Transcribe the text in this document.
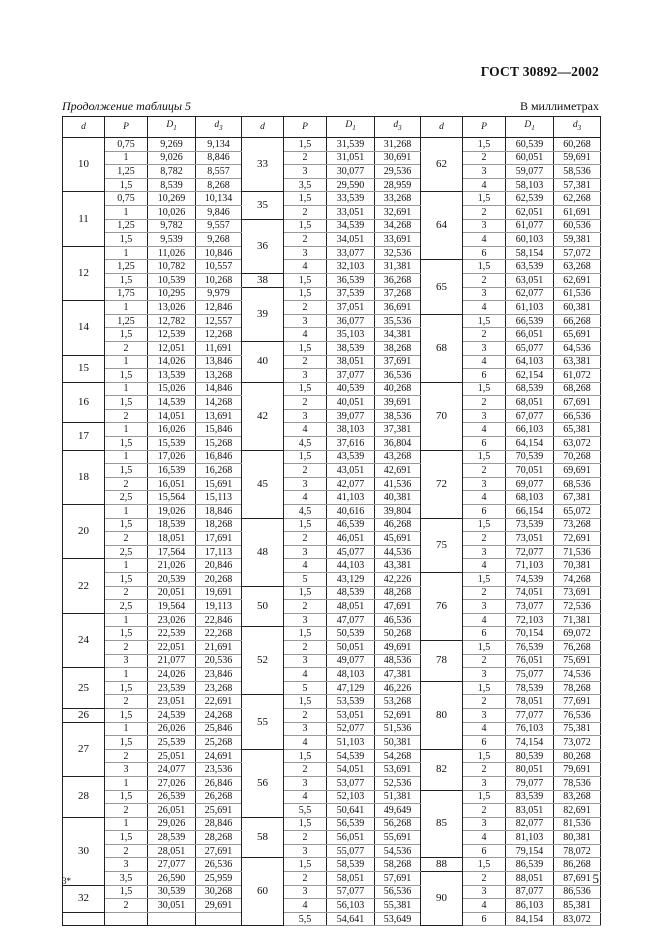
ГОСТ 30892—2002
Продолжение таблицы 5	В миллиметрах
d	P	$D_1$	$d_3$	d	P	$D_1$	$d_3$	d	P	$D_1$	$d_3$
10	0,75	9,269	9,134	33	1,5	31,539	31,268	62	1,5	60,539	60,268
	1	9,026	8,846		2	31,051	30,691		2	60,051	59,691
	1,25	8,782	8,557		3	30,077	29,536		3	59,077	58,536
	1,5	8,539	8,268		3,5	29,590	28,959		4	58,103	57,381
11	0,75	10,269	10,134	35	1,5	33,539	33,268	64	1,5	62,539	62,268
	1	10,026	9,846		2	33,051	32,691		2	62,051	61,691
	1,25	9,782	9,557	36	1,5	34,539	34,268		3	61,077	60,536
	1,5	9,539	9,268		2	34,051	33,691		4	60,103	59,381
12	1	11,026	10,846		3	33,077	32,536		6	58,154	57,072
	1,25	10,782	10,557		4	32,103	31,381	65	1,5	63,539	63,268
	1,5	10,539	10,268	38	1,5	36,539	36,268		2	63,051	62,691
	1,75	10,295	9,979	39	1,5	37,539	37,268		3	62,077	61,536
14	1	13,026	12,846		2	37,051	36,691		4	61,103	60,381
	1,25	12,782	12,557		3	36,077	35,536	68	1,5	66,539	66,268
	1,5	12,539	12,268		4	35,103	34,381		2	66,051	65,691
	2	12,051	11,691	40	1,5	38,539	38,268		3	65,077	64,536
15	1	14,026	13,846		2	38,051	37,691		4	64,103	63,381
	1,5	13,539	13,268		3	37,077	36,536		6	62,154	61,072
16	1	15,026	14,846	42	1,5	40,539	40,268	70	1,5	68,539	68,268
	1,5	14,539	14,268		2	40,051	39,691		2	68,051	67,691
	2	14,051	13,691		3	39,077	38,536		3	67,077	66,536
17	1	16,026	15,846		4	38,103	37,381		4	66,103	65,381
	1,5	15,539	15,268		4,5	37,616	36,804		6	64,154	63,072
18	1	17,026	16,846	45	1,5	43,539	43,268	72	1,5	70,539	70,268
	1,5	16,539	16,268		2	43,051	42,691		2	70,051	69,691
	2	16,051	15,691		3	42,077	41,536		3	69,077	68,536
	2,5	15,564	15,113		4	41,103	40,381		4	68,103	67,381
20	1	19,026	18,846		4,5	40,616	39,804		6	66,154	65,072
	1,5	18,539	18,268	48	1,5	46,539	46,268	75	1,5	73,539	73,268
	2	18,051	17,691		2	46,051	45,691		2	73,051	72,691
	2,5	17,564	17,113		3	45,077	44,536		3	72,077	71,536
22	1	21,026	20,846		4	44,103	43,381		4	71,103	70,381
	1,5	20,539	20,268		5	43,129	42,226	76	1,5	74,539	74,268
	2	20,051	19,691	50	1,5	48,539	48,268		2	74,051	73,691
	2,5	19,564	19,113		2	48,051	47,691		3	73,077	72,536
24	1	23,026	22,846		3	47,077	46,536		4	72,103	71,381
	1,5	22,539	22,268	52	1,5	50,539	50,268		6	70,154	69,072
	2	22,051	21,691		2	50,051	49,691	78	1,5	76,539	76,268
	3	21,077	20,536		3	49,077	48,536		2	76,051	75,691
25	1	24,026	23,846		4	48,103	47,381		3	75,077	74,536
	1,5	23,539	23,268		5	47,129	46,226	80	1,5	78,539	78,268
	2	23,051	22,691	55	1,5	53,539	53,268		2	78,051	77,691
26	1,5	24,539	24,268		2	53,051	52,691		3	77,077	76,536
27	1	26,026	25,846		3	52,077	51,536		4	76,103	75,381
	1,5	25,539	25,268		4	51,103	50,381		6	74,154	73,072
	2	25,051	24,691	56	1,5	54,539	54,268	82	1,5	80,539	80,268
	3	24,077	23,536		2	54,051	53,691		2	80,051	79,691
28	1	27,026	26,846		3	53,077	52,536		3	79,077	78,536
	1,5	26,539	26,268		4	52,103	51,381	85	1,5	83,539	83,268
	2	26,051	25,691		5,5	50,641	49,649		2	83,051	82,691
30	1	29,026	28,846	58	1,5	56,539	56,268		3	82,077	81,536
	1,5	28,539	28,268		2	56,051	55,691		4	81,103	80,381
	2	28,051	27,691		3	55,077	54,536		6	79,154	78,072
	3	27,077	26,536	60	1,5	58,539	58,268	88	1,5	86,539	86,268
	3,5	26,590	25,959		2	58,051	57,691	90	2	88,051	87,691
32	1,5	30,539	30,268		3	57,077	56,536		3	87,077	86,536
	2	30,051	29,691		4	56,103	55,381		4	86,103	85,381
					5,5	54,641	53,649		6	84,154	83,072
3*	5
